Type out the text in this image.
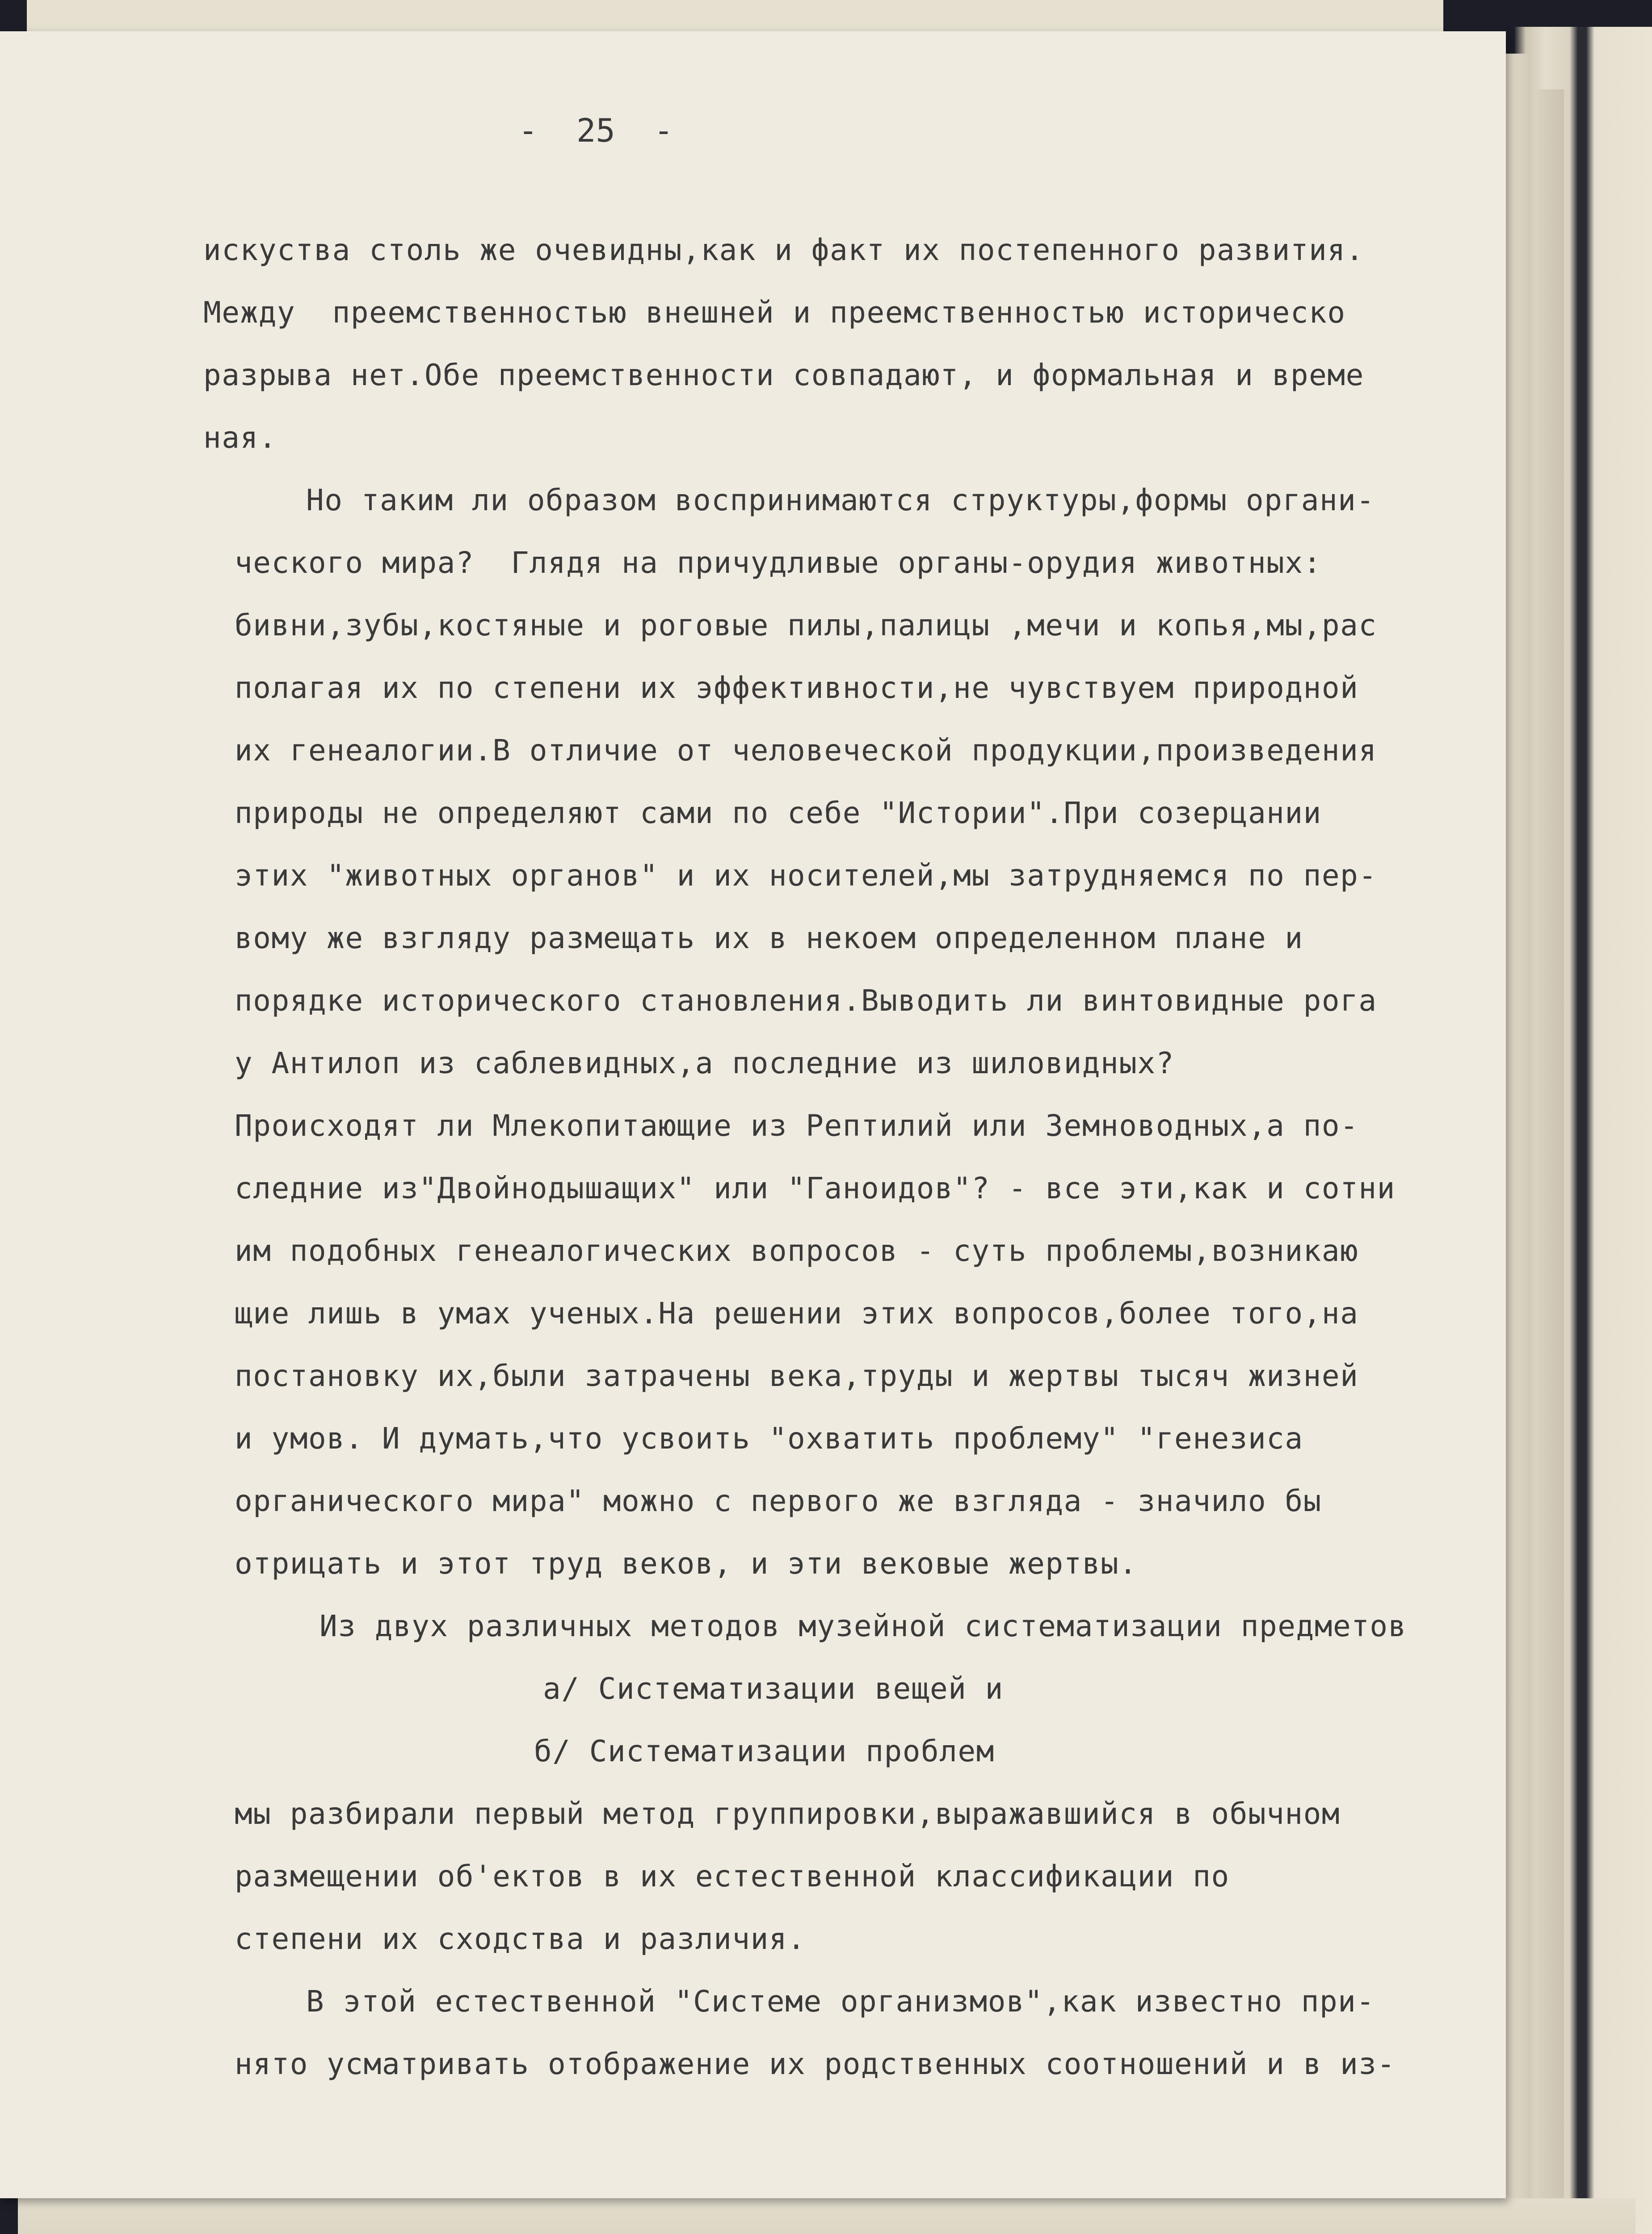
-  25  -
искуства столь же очевидны,как и факт их постепенного развития.
Между  преемственностью внешней и преемственностью историческо
разрыва нет.Обе преемственности совпадают, и формальная и време
ная.
Но таким ли образом воспринимаются структуры,формы органи-
ческого мира?  Глядя на причудливые органы-орудия животных:
бивни,зубы,костяные и роговые пилы,палицы ,мечи и копья,мы,рас
полагая их по степени их эффективности,не чувствуем природной
их генеалогии.В отличие от человеческой продукции,произведения
природы не определяют сами по себе "Истории".При созерцании
этих "животных органов" и их носителей,мы затрудняемся по пер-
вому же взгляду размещать их в некоем определенном плане и
порядке исторического становления.Выводить ли винтовидные рога
у Антилоп из саблевидных,а последние из шиловидных?
Происходят ли Млекопитающие из Рептилий или Земноводных,а по-
следние из"Двойнодышащих" или "Ганоидов"? - все эти,как и сотни
им подобных генеалогических вопросов - суть проблемы,возникаю
щие лишь в умах ученых.На решении этих вопросов,более того,на
постановку их,были затрачены века,труды и жертвы тысяч жизней
и умов. И думать,что усвоить "охватить проблему" "генезиса
органического мира" можно с первого же взгляда - значило бы
отрицать и этот труд веков, и эти вековые жертвы.
Из двух различных методов музейной систематизации предметов
а/ Систематизации вещей и
б/ Систематизации проблем
мы разбирали первый метод группировки,выражавшийся в обычном
размещении об'ектов в их естественной классификации по
степени их сходства и различия.
В этой естественной "Системе организмов",как известно при-
нято усматривать отображение их родственных соотношений и в из-
